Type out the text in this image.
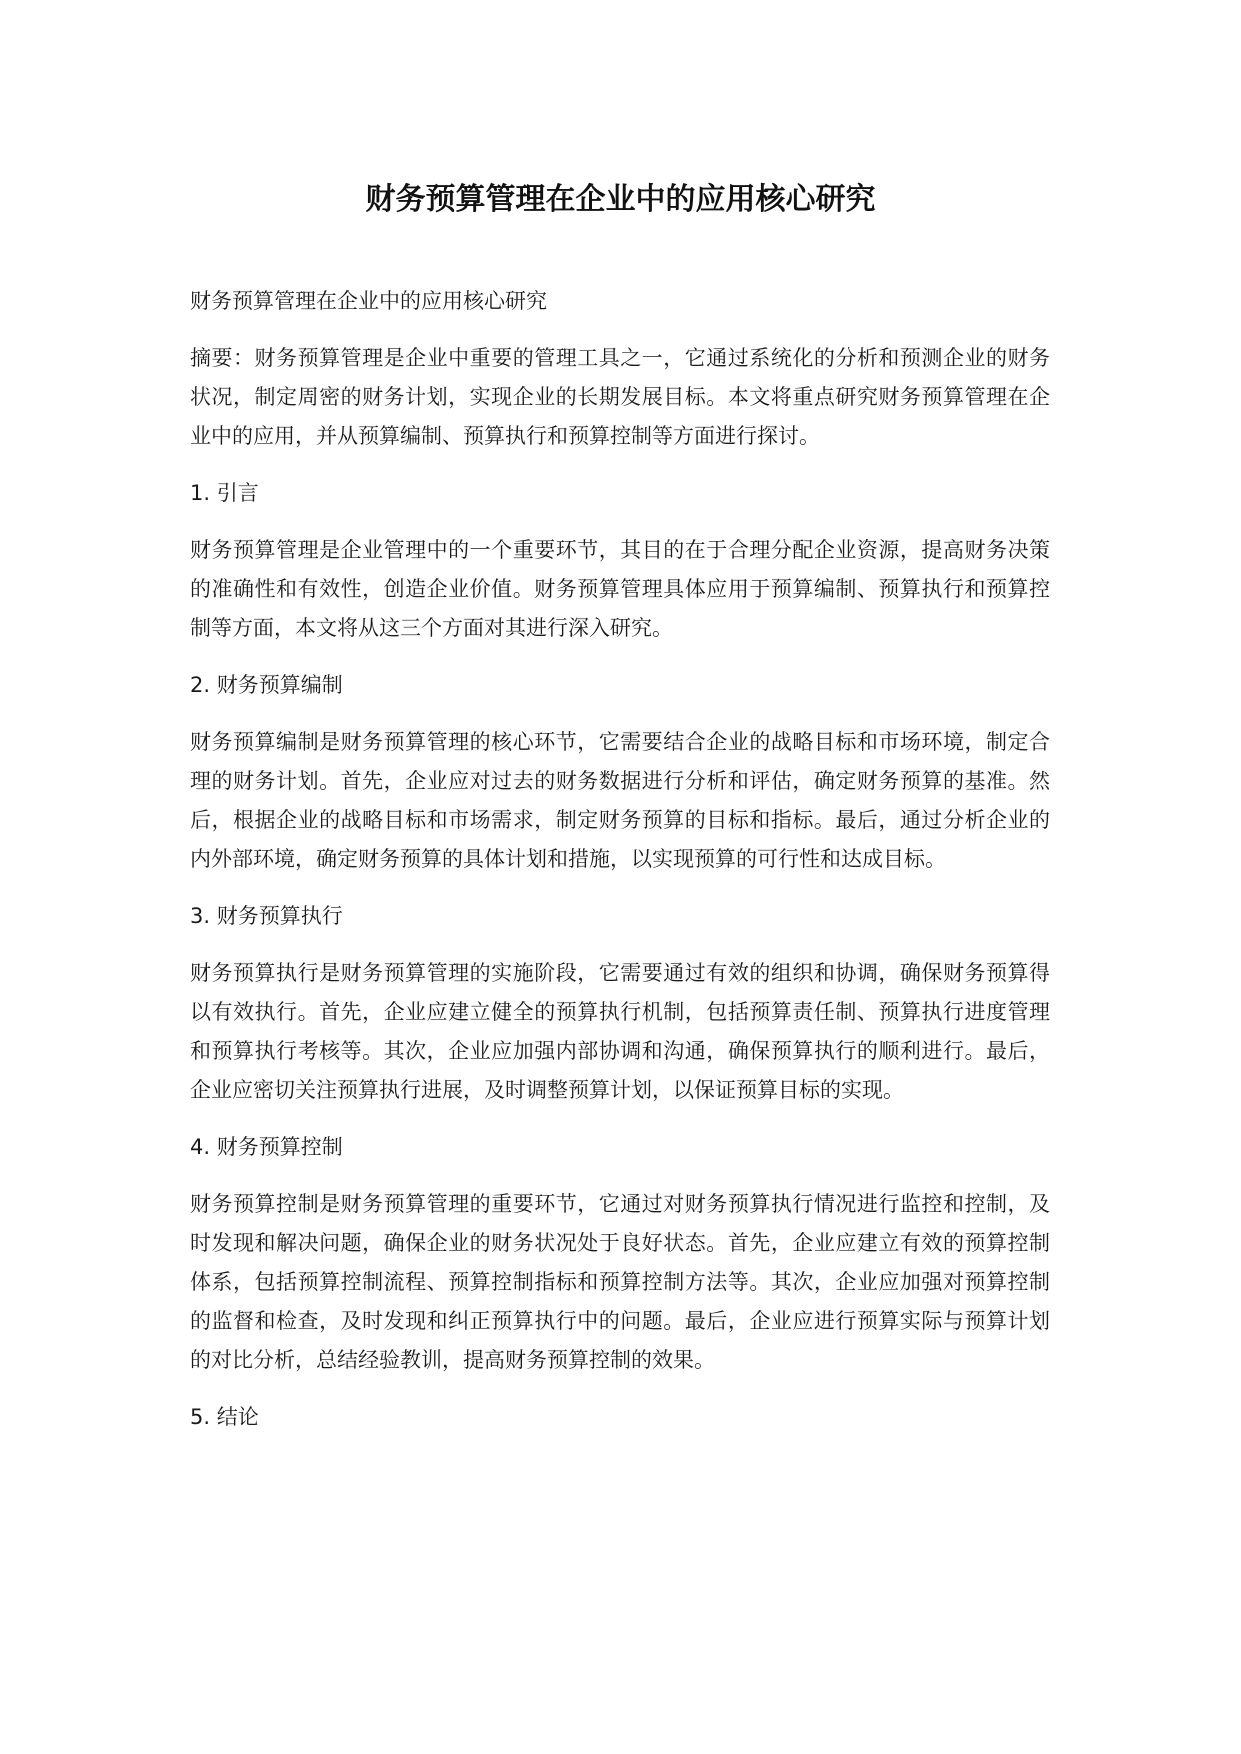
财务预算管理在企业中的应用核心研究

财务预算管理在企业中的应用核心研究

摘要：财务预算管理是企业中重要的管理工具之一，它通过系统化的分析和预测企业的财务状况，制定周密的财务计划，实现企业的长期发展目标。本文将重点研究财务预算管理在企业中的应用，并从预算编制、预算执行和预算控制等方面进行探讨。

1. 引言

财务预算管理是企业管理中的一个重要环节，其目的在于合理分配企业资源，提高财务决策的准确性和有效性，创造企业价值。财务预算管理具体应用于预算编制、预算执行和预算控制等方面，本文将从这三个方面对其进行深入研究。

2. 财务预算编制

财务预算编制是财务预算管理的核心环节，它需要结合企业的战略目标和市场环境，制定合理的财务计划。首先，企业应对过去的财务数据进行分析和评估，确定财务预算的基准。然后，根据企业的战略目标和市场需求，制定财务预算的目标和指标。最后，通过分析企业的内外部环境，确定财务预算的具体计划和措施，以实现预算的可行性和达成目标。

3. 财务预算执行

财务预算执行是财务预算管理的实施阶段，它需要通过有效的组织和协调，确保财务预算得以有效执行。首先，企业应建立健全的预算执行机制，包括预算责任制、预算执行进度管理和预算执行考核等。其次，企业应加强内部协调和沟通，确保预算执行的顺利进行。最后，企业应密切关注预算执行进展，及时调整预算计划，以保证预算目标的实现。

4. 财务预算控制

财务预算控制是财务预算管理的重要环节，它通过对财务预算执行情况进行监控和控制，及时发现和解决问题，确保企业的财务状况处于良好状态。首先，企业应建立有效的预算控制体系，包括预算控制流程、预算控制指标和预算控制方法等。其次，企业应加强对预算控制的监督和检查，及时发现和纠正预算执行中的问题。最后，企业应进行预算实际与预算计划的对比分析，总结经验教训，提高财务预算控制的效果。

5. 结论
